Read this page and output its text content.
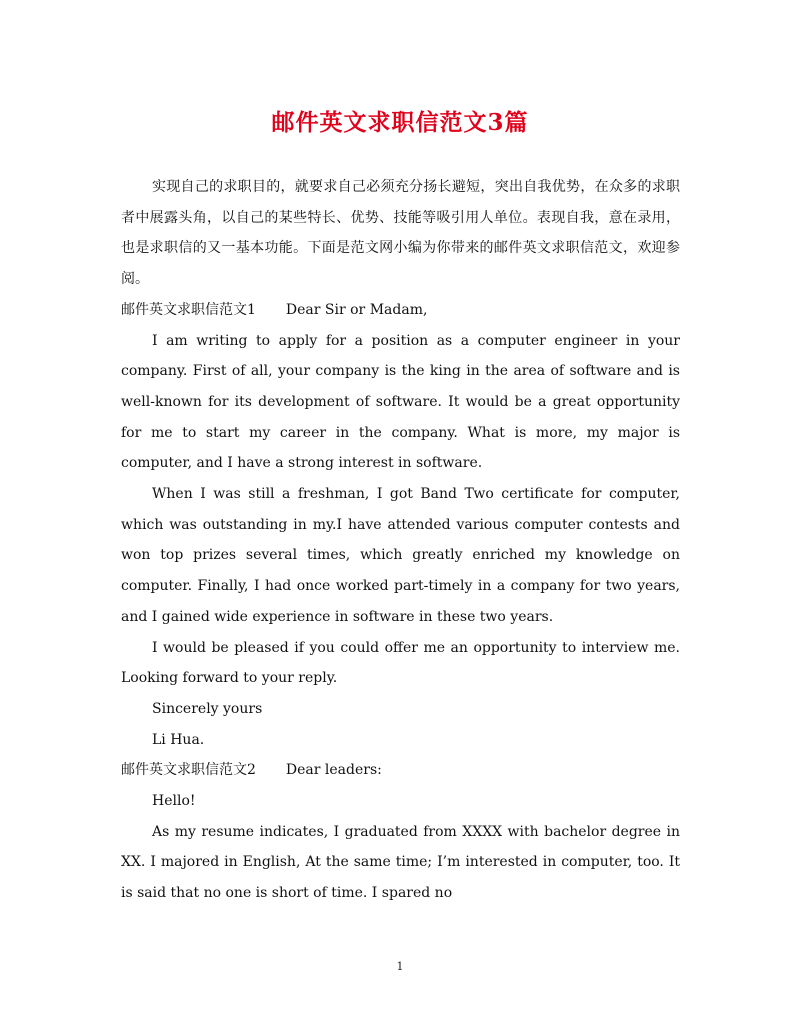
邮件英文求职信范文3篇

实现自己的求职目的，就要求自己必须充分扬长避短，突出自我优势，在众多的求职者中展露头角，以自己的某些特长、优势、技能等吸引用人单位。表现自我，意在录用，也是求职信的又一基本功能。下面是范文网小编为你带来的邮件英文求职信范文，欢迎参阅。

邮件英文求职信范文1 Dear Sir or Madam,

I am writing to apply for a position as a computer engineer in your company. First of all, your company is the king in the area of software and is well-known for its development of software. It would be a great opportunity for me to start my career in the company. What is more, my major is computer, and I have a strong interest in software.

When I was still a freshman, I got Band Two certificate for computer, which was outstanding in my.I have attended various computer contests and won top prizes several times, which greatly enriched my knowledge on computer. Finally, I had once worked part-timely in a company for two years, and I gained wide experience in software in these two years.

I would be pleased if you could offer me an opportunity to interview me. Looking forward to your reply.

Sincerely yours

Li Hua.

邮件英文求职信范文2 Dear leaders:

Hello!

As my resume indicates, I graduated from XXXX with bachelor degree in XX. I majored in English, At the same time; I’m interested in computer, too. It is said that no one is short of time. I spared no

1
